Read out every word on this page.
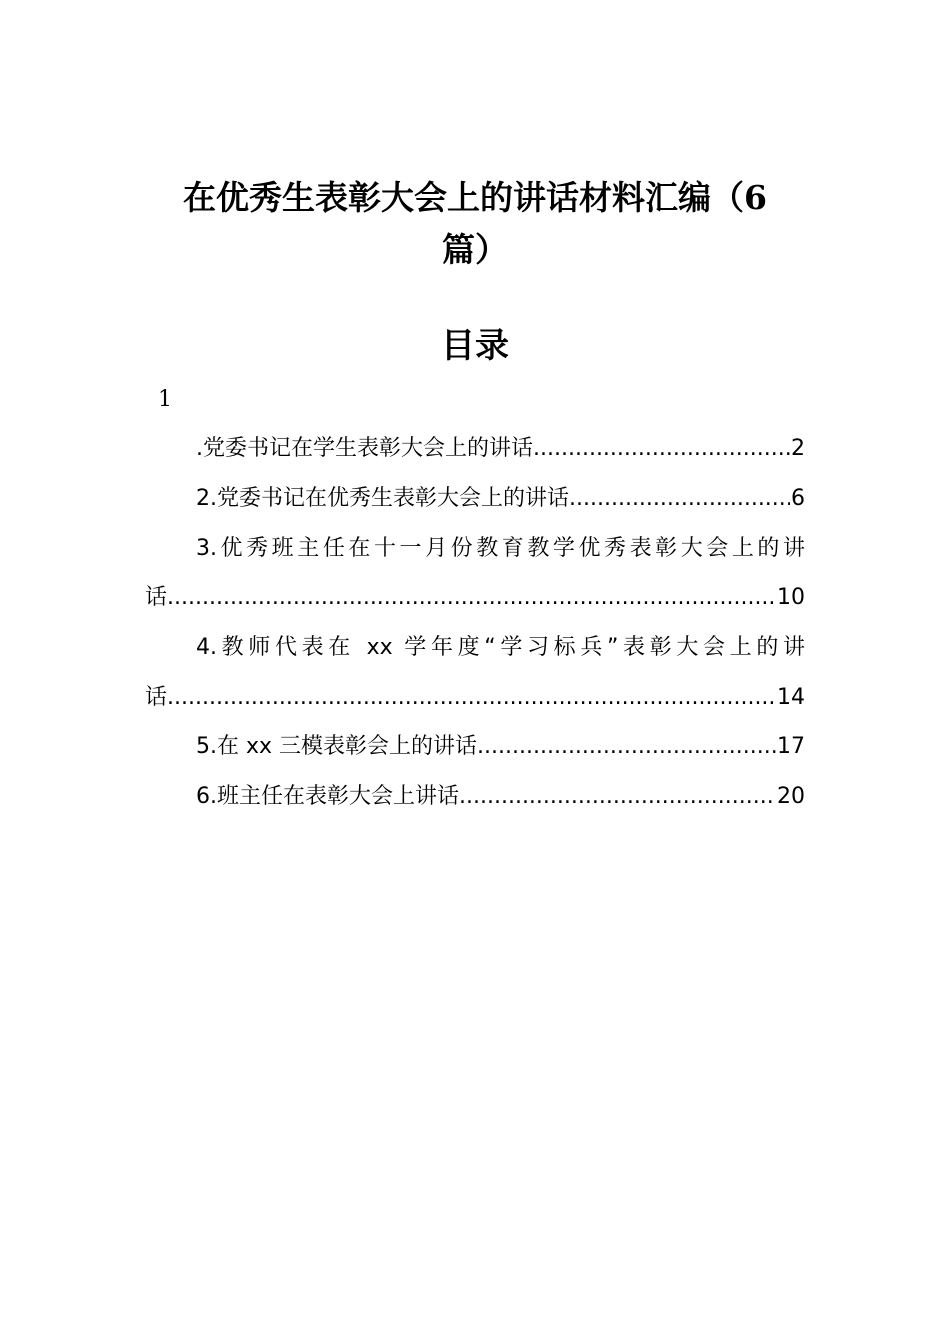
在优秀生表彰大会上的讲话材料汇编（6
篇）
目录
1
.党委书记在学生表彰大会上的讲话 .....	2
2.党委书记在优秀生表彰大会上的讲话 .....	6
3.优秀班主任在十一月份教育教学优秀表彰大会上的讲
话 .....	10
4.教师代表在 xx 学年度“学习标兵”表彰大会上的讲
话 .....	14
5.在 xx 三模表彰会上的讲话 .....	17
6.班主任在表彰大会上讲话 .....	20
